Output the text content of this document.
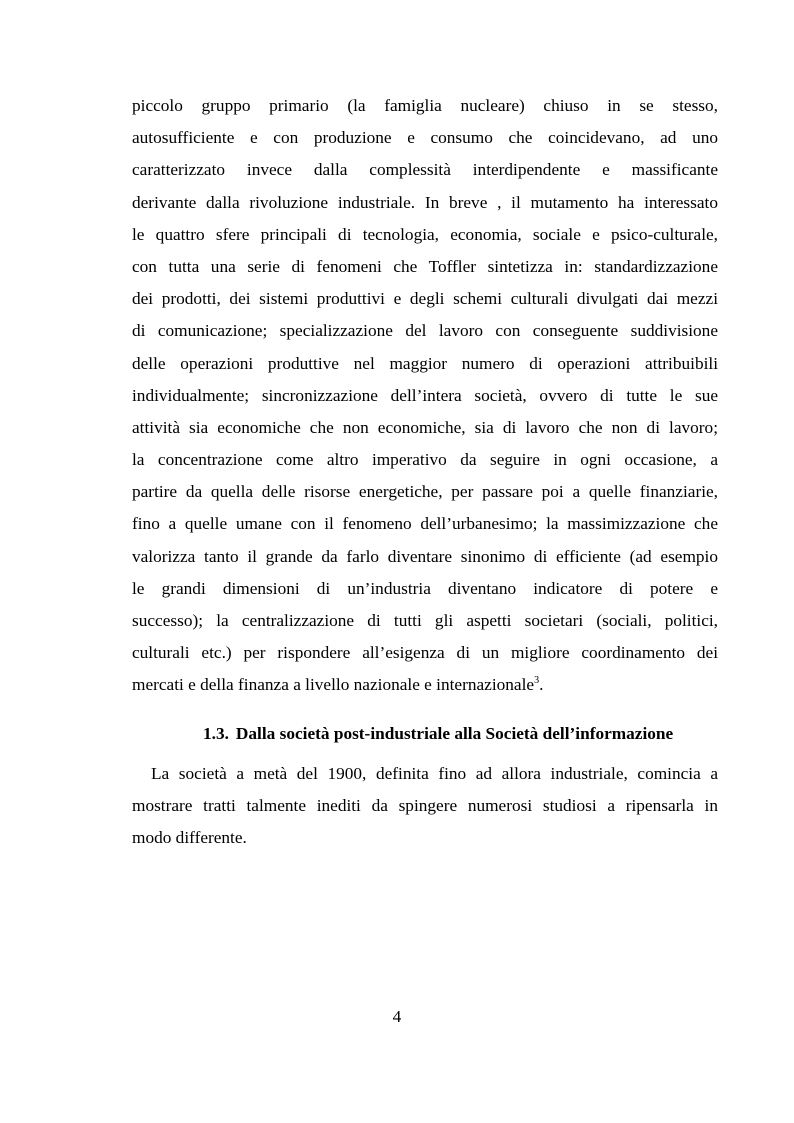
piccolo gruppo primario (la famiglia nucleare) chiuso in se stesso,
autosufficiente e con produzione e consumo che coincidevano, ad uno
caratterizzato invece dalla complessità interdipendente e massificante
derivante dalla rivoluzione industriale. In breve , il mutamento ha interessato
le quattro sfere principali di tecnologia, economia, sociale e psico-culturale,
con tutta una serie di fenomeni che Toffler sintetizza in: standardizzazione
dei prodotti, dei sistemi produttivi e degli schemi culturali divulgati dai mezzi
di comunicazione; specializzazione del lavoro con conseguente suddivisione
delle operazioni produttive nel maggior numero di operazioni attribuibili
individualmente; sincronizzazione dell’intera società, ovvero di tutte le sue
attività sia economiche che non economiche, sia di lavoro che non di lavoro;
la concentrazione come altro imperativo da seguire in ogni occasione, a
partire da quella delle risorse energetiche, per passare poi a quelle finanziarie,
fino a quelle umane con il fenomeno dell’urbanesimo; la massimizzazione che
valorizza tanto il grande da farlo diventare sinonimo di efficiente (ad esempio
le grandi dimensioni di un’industria diventano indicatore di potere e
successo); la centralizzazione di tutti gli aspetti societari (sociali, politici,
culturali etc.) per rispondere all’esigenza di un migliore coordinamento dei
mercati e della finanza a livello nazionale e internazionale$^3$.
1.3. Dalla società post-industriale alla Società dell’informazione
La società a metà del 1900, definita fino ad allora industriale, comincia a
mostrare tratti talmente inediti da spingere numerosi studiosi a ripensarla in
modo differente.
4
